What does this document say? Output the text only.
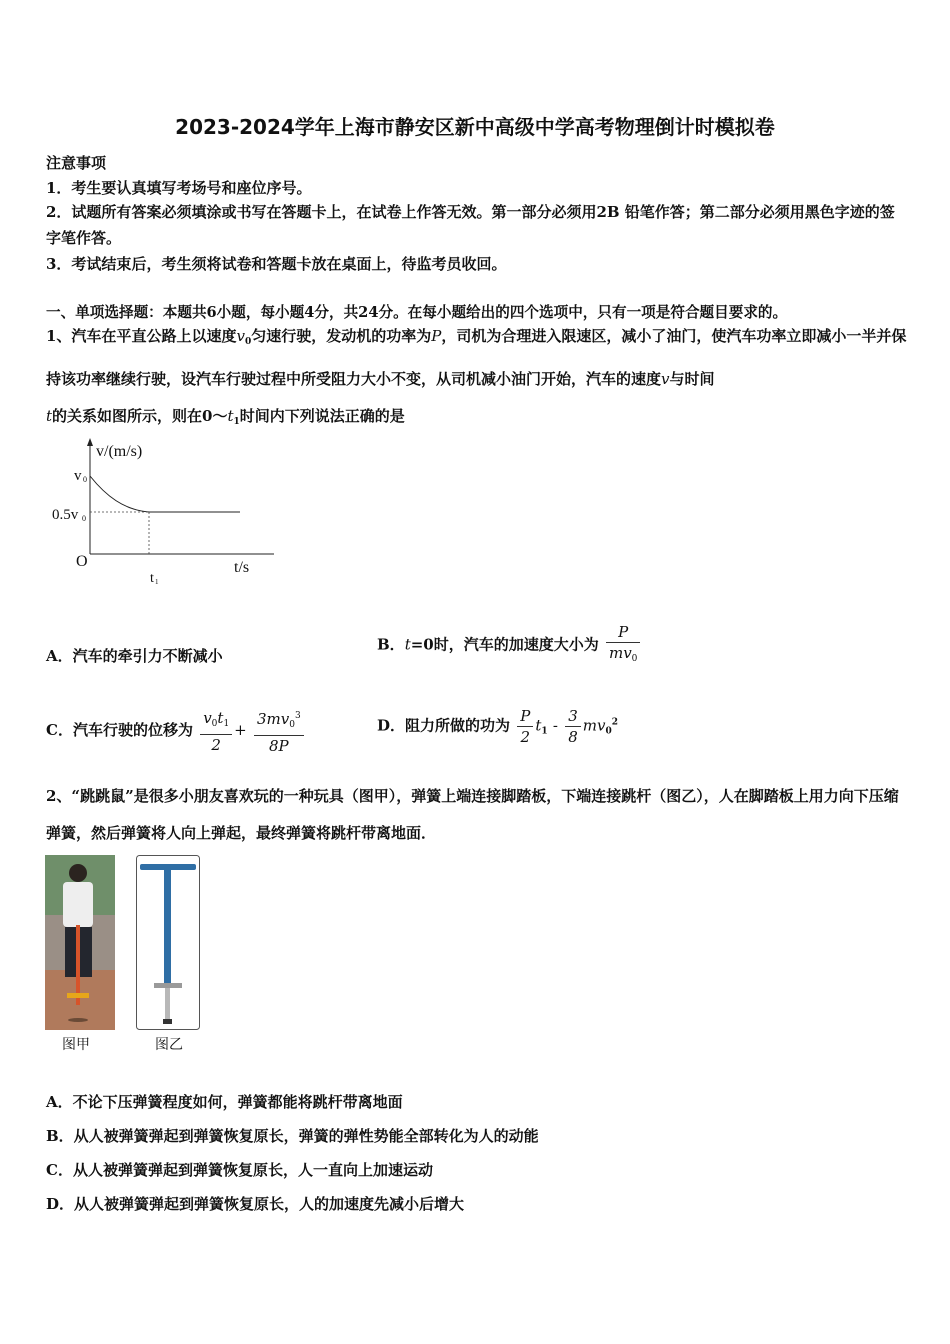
2023-2024学年上海市静安区新中高级中学高考物理倒计时模拟卷
注意事项
1．考生要认真填写考场号和座位序号。
2．试题所有答案必须填涂或书写在答题卡上，在试卷上作答无效。第一部分必须用2B 铅笔作答；第二部分必须用黑色字迹的签字笔作答。
3．考试结束后，考生须将试卷和答题卡放在桌面上，待监考员收回。
一、单项选择题：本题共6小题，每小题4分，共24分。在每小题给出的四个选项中，只有一项是符合题目要求的。
1、汽车在平直公路上以速度$v_0$匀速行驶，发动机的功率为P，司机为合理进入限速区，减小了油门，使汽车功率立即减小一半并保持该功率继续行驶，设汽车行驶过程中所受阻力大小不变，从司机减小油门开始，汽车的速度v与时间
t的关系如图所示，则在$0\sim t_1$时间内下列说法正确的是
v/(m/s)
v 0
0.5v 0
O
t 1
t/s
A．汽车的牵引力不断减小
B．t=0时，汽车的加速度大小为 $\frac{P}{mv_0}$
C．汽车行驶的位移为 $\frac{v_0t_1}{2} + \frac{3mv_0^3}{8P}$	D．阻力所做的功为 $\frac{P}{2} t_1 - \frac{3}{8} mv_0^2$
2、“跳跳鼠”是很多小朋友喜欢玩的一种玩具（图甲），弹簧上端连接脚踏板，下端连接跳杆（图乙），人在脚踏板上用力向下压缩弹簧，然后弹簧将人向上弹起，最终弹簧将跳杆带离地面．
图甲	图乙
A．不论下压弹簧程度如何，弹簧都能将跳杆带离地面
B．从人被弹簧弹起到弹簧恢复原长，弹簧的弹性势能全部转化为人的动能
C．从人被弹簧弹起到弹簧恢复原长，人一直向上加速运动
D．从人被弹簧弹起到弹簧恢复原长，人的加速度先减小后增大
